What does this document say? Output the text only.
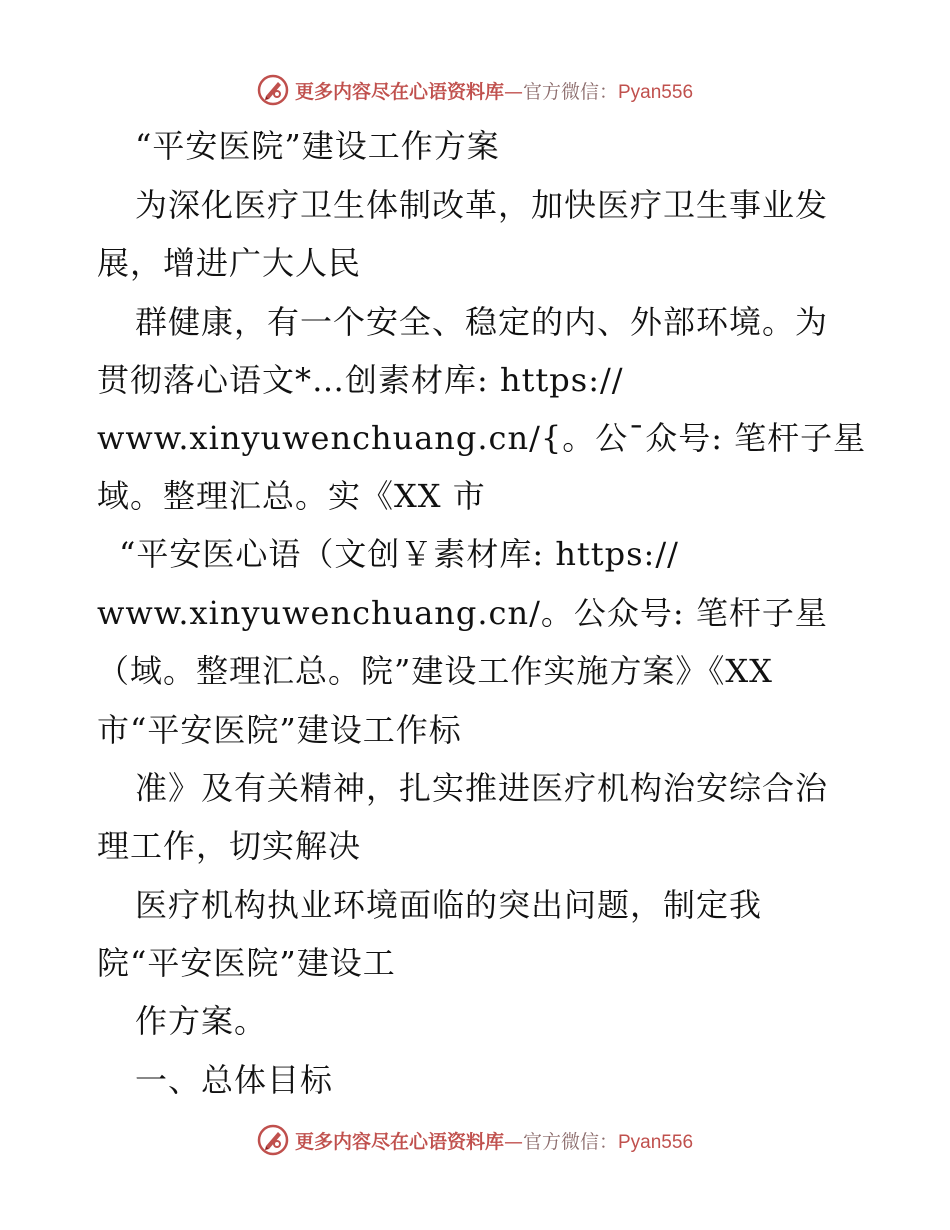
更多内容尽在心语资料库—官方微信：Pyan556
“平安医院”建设工作方案
为深化医疗卫生体制改革，加快医疗卫生事业发
展，增进广大人民
群健康，有一个安全、稳定的内、外部环境。为
贯彻落心语文*…创素材库: https://
www.xinyuwenchuang.cn/{。公¯众号: 笔杆子星
域。整理汇总。实《XX 市
“平安医心语（文创￥素材库: https://
www.xinyuwenchuang.cn/。公众号: 笔杆子星
（域。整理汇总。院”建设工作实施方案》《XX
市“平安医院”建设工作标
准》及有关精神，扎实推进医疗机构治安综合治
理工作，切实解决
医疗机构执业环境面临的突出问题，制定我
院“平安医院”建设工
作方案。
一、总体目标
更多内容尽在心语资料库—官方微信：Pyan556
